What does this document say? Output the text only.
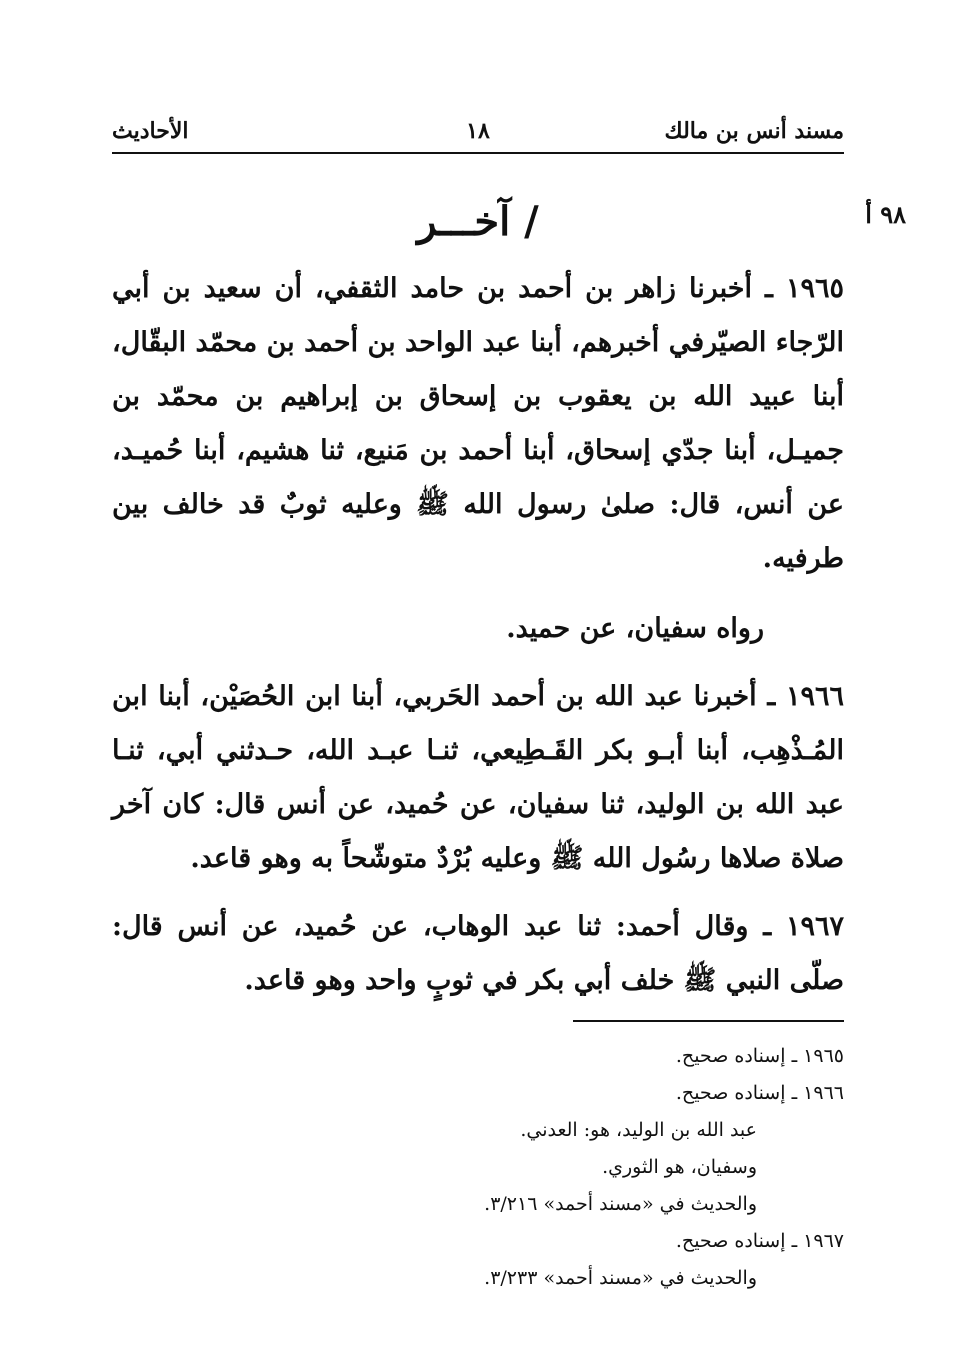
مسند أنس بن مالك
١٨
الأحاديث
٩٨ أ
/ آخـــر

١٩٦٥ ـ أخبرنا زاهر بن أحمد بن حامد الثقفي، أن سعيد بن أبي الرّجاء الصيّرفي أخبرهم، أبنا عبد الواحد بن أحمد بن محمّد البقّال، أبنا عبيد الله بن يعقوب بن إسحاق بن إبراهيم بن محمّد بن جميـل، أبنا جدّي إسحاق، أبنا أحمد بن مَنيع، ثنا هشيم، أبنا حُميـد، عن أنس، قال: صلىٰ رسول الله ﷺ وعليه ثوبٌ قد خالف بين طرفيه.

رواه سفيان، عن حميد.

١٩٦٦ ـ أخبرنا عبد الله بن أحمد الحَربي، أبنا ابن الحُصَيْن، أبنا ابن المُـذْهِب، أبنا أبـو بكر القَـطِيعي، ثنـا عبـد الله، حـدثني أبي، ثنـا عبد الله بن الوليد، ثنا سفيان، عن حُميد، عن أنس قال: كان آخر صلاة صلاها رسُول الله ﷺ وعليه بُرْدٌ متوشّحاً به وهو قاعد.

١٩٦٧ ـ وقال أحمد: ثنا عبد الوهاب، عن حُميد، عن أنس قال: صلّى النبي ﷺ خلف أبي بكر في ثوبٍ واحد وهو قاعد.

١٩٦٥ ـ إسناده صحيح.
١٩٦٦ ـ إسناده صحيح.
عبد الله بن الوليد، هو: العدني.
وسفيان، هو الثوري.
والحديث في «مسند أحمد» ٣/٢١٦.
١٩٦٧ ـ إسناده صحيح.
والحديث في «مسند أحمد» ٣/٢٣٣.
